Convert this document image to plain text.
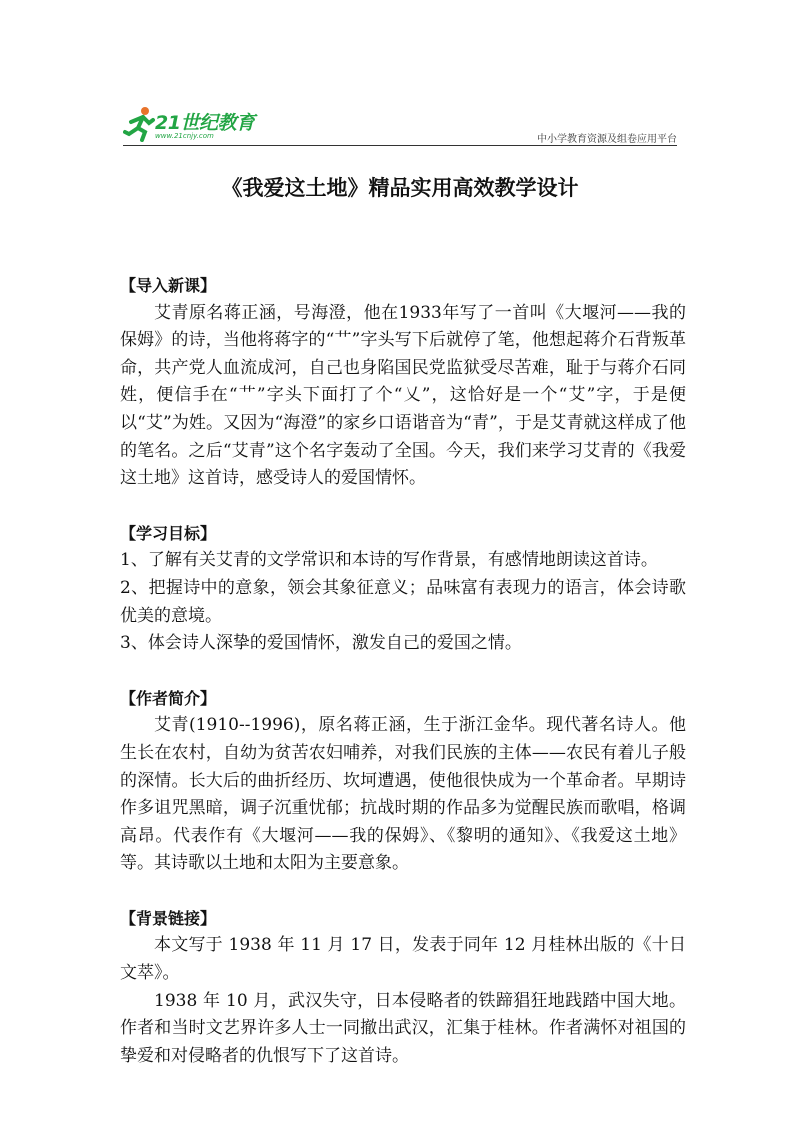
21世纪教育
www.21cnjy.com	中小学教育资源及组卷应用平台
《我爱这土地》精品实用高效教学设计

【导入新课】

艾青原名蒋正涵，号海澄，他在1933年写了一首叫《大堰河——我的保姆》的诗，当他将蒋字的“艹”字头写下后就停了笔，他想起蒋介石背叛革命，共产党人血流成河，自己也身陷国民党监狱受尽苦难，耻于与蒋介石同姓，便信手在“艹”字头下面打了个“乂”，这恰好是一个“艾”字，于是便以“艾”为姓。又因为“海澄”的家乡口语谐音为“青”，于是艾青就这样成了他的笔名。之后“艾青”这个名字轰动了全国。今天，我们来学习艾青的《我爱这土地》这首诗，感受诗人的爱国情怀。

【学习目标】

1、了解有关艾青的文学常识和本诗的写作背景，有感情地朗读这首诗。

2、把握诗中的意象，领会其象征意义；品味富有表现力的语言，体会诗歌优美的意境。

3、体会诗人深挚的爱国情怀，激发自己的爱国之情。

【作者简介】

艾青(1910--1996)，原名蒋正涵，生于浙江金华。现代著名诗人。他生长在农村，自幼为贫苦农妇哺养，对我们民族的主体——农民有着儿子般的深情。长大后的曲折经历、坎坷遭遇，使他很快成为一个革命者。早期诗作多诅咒黑暗，调子沉重忧郁；抗战时期的作品多为觉醒民族而歌唱，格调高昂。代表作有《大堰河——我的保姆》、《黎明的通知》、《我爱这土地》等。其诗歌以土地和太阳为主要意象。

【背景链接】

本文写于 1938 年 11 月 17 日，发表于同年 12 月桂林出版的《十日文萃》。

1938 年 10 月，武汉失守，日本侵略者的铁蹄猖狂地践踏中国大地。作者和当时文艺界许多人士一同撤出武汉，汇集于桂林。作者满怀对祖国的挚爱和对侵略者的仇恨写下了这首诗。
